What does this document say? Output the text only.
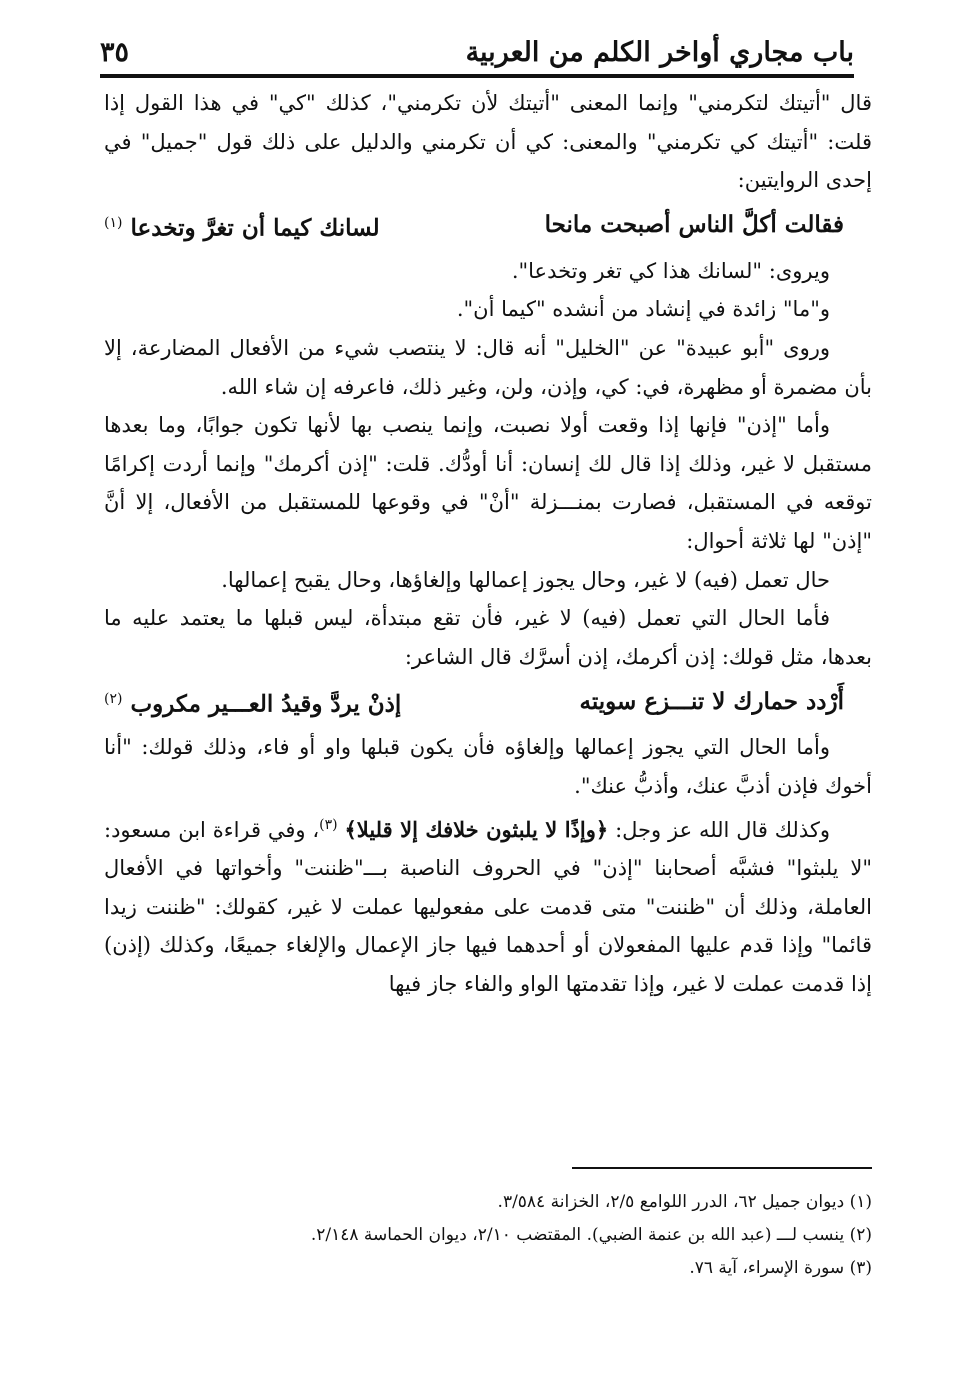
باب مجاري أواخر الكلم من العربية
٣٥

قال "أتيتك لتكرمني" وإنما المعنى "أتيتك لأن تكرمني"، كذلك "كي" في هذا القول إذا قلت: "أتيتك كي تكرمني" والمعنى: كي أن تكرمني والدليل على ذلك قول "جميل" في إحدى الروايتين:

فقالت أكلَّ الناس أصبحت مانحا
لسانك كيما أن تغرَّ وتخدعا $^{(١)}$

ويروى: "لسانك هذا كي تغر وتخدعا".

و"ما" زائدة في إنشاد من أنشده "كيما أن".

وروى "أبو عبيدة" عن "الخليل" أنه قال: لا ينتصب شيء من الأفعال المضارعة، إلا بأن مضمرة أو مظهرة، في: كي، وإذن، ولن، وغير ذلك، فاعرفه إن شاء الله.

وأما "إذن" فإنها إذا وقعت أولا نصبت، وإنما ينصب بها لأنها تكون جوابًا، وما بعدها مستقبل لا غير، وذلك إذا قال لك إنسان: أنا أودُّك. قلت: "إذن أكرمك" وإنما أردت إكرامًا توقعه في المستقبل، فصارت بمنـــزلة "أنْ" في وقوعها للمستقبل من الأفعال، إلا أنَّ "إذن" لها ثلاثة أحوال:

حال تعمل (فيه) لا غير، وحال يجوز إعمالها وإلغاؤها، وحال يقبح إعمالها.

فأما الحال التي تعمل (فيه) لا غير، فأن تقع مبتدأة، ليس قبلها ما يعتمد عليه ما بعدها، مثل قولك: إذن أكرمك، إذن أسرَّك قال الشاعر:

أَرْدد حمارك لا تنـــزع سويته
إذنْ يردَّ وقيدُ العـــير مكروب $^{(٢)}$

وأما الحال التي يجوز إعمالها وإلغاؤه فأن يكون قبلها واو أو فاء، وذلك قولك: "أنا أخوك فإذن أذبَّ عنك، وأذبُّ عنك".

وكذلك قال الله عز وجل: ﴿وإذًا لا يلبثون خلافك إلا قليلا﴾ $^{(٣)}$، وفي قراءة ابن مسعود: "لا يلبثوا" فشبَّه أصحابنا "إذن" في الحروف الناصبة بـــ"ظننت" وأخواتها في الأفعال العاملة، وذلك أن "ظننت" متى قدمت على مفعوليها عملت لا غير، كقولك: "ظننت زيدا قائما" وإذا قدم عليها المفعولان أو أحدهما فيها جاز الإعمال والإلغاء جميعًا، وكذلك (إذن) إذا قدمت عملت لا غير، وإذا تقدمتها الواو والفاء جاز فيها

(١) ديوان جميل ٦٢، الدرر اللوامع ٢/٥، الخزانة ٣/٥٨٤.
(٢) ينسب لـــ (عبد الله بن عنمة الضبي). المقتضب ٢/١٠، ديوان الحماسة ٢/١٤٨.
(٣) سورة الإسراء، آية ٧٦.
